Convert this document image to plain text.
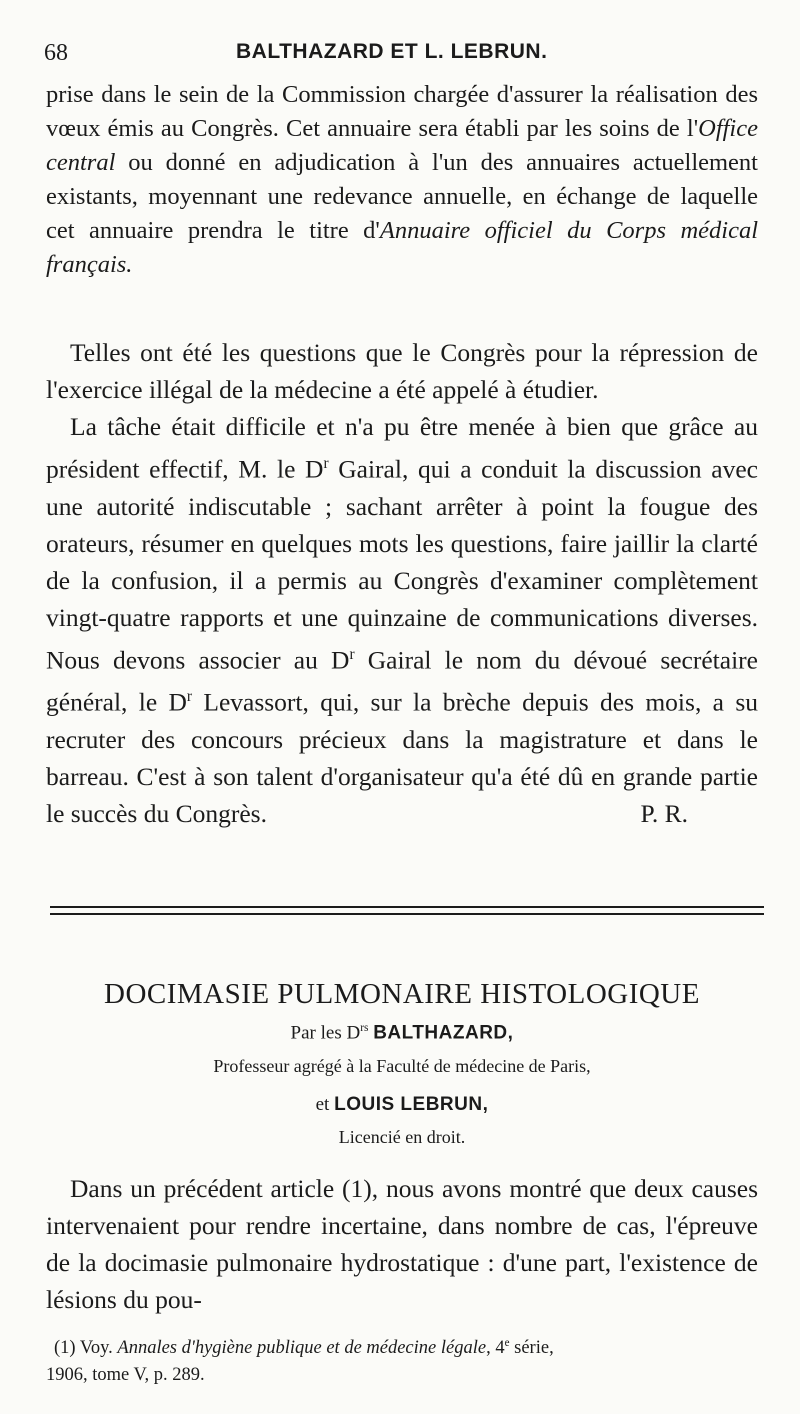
68	BALTHAZARD ET L. LEBRUN.

prise dans le sein de la Commission chargée d'assurer la réalisation des vœux émis au Congrès. Cet annuaire sera établi par les soins de l'Office central ou donné en adjudication à l'un des annuaires actuellement existants, moyennant une redevance annuelle, en échange de laquelle cet annuaire prendra le titre d'Annuaire officiel du Corps médical français.

Telles ont été les questions que le Congrès pour la répression de l'exercice illégal de la médecine a été appelé à étudier.

La tâche était difficile et n'a pu être menée à bien que grâce au président effectif, M. le $D^r$ Gairal, qui a conduit la discussion avec une autorité indiscutable ; sachant arrêter à point la fougue des orateurs, résumer en quelques mots les questions, faire jaillir la clarté de la confusion, il a permis au Congrès d'examiner complètement vingt-quatre rapports et une quinzaine de communications diverses. Nous devons associer au $D^r$ Gairal le nom du dévoué secrétaire général, le $D^r$ Levassort, qui, sur la brèche depuis des mois, a su recruter des concours précieux dans la magistrature et dans le barreau. C'est à son talent d'organisateur qu'a été dû en grande partie le succès du Congrès.	P. R.

DOCIMASIE PULMONAIRE HISTOLOGIQUE
Par les $D^{rs}$ BALTHAZARD,
Professeur agrégé à la Faculté de médecine de Paris,
et LOUIS LEBRUN,
Licencié en droit.

Dans un précédent article (1), nous avons montré que deux causes intervenaient pour rendre incertaine, dans nombre de cas, l'épreuve de la docimasie pulmonaire hydrostatique : d'une part, l'existence de lésions du pou-

(1) Voy. Annales d'hygiène publique et de médecine légale, 4e série,
1906, tome V, p. 289.
